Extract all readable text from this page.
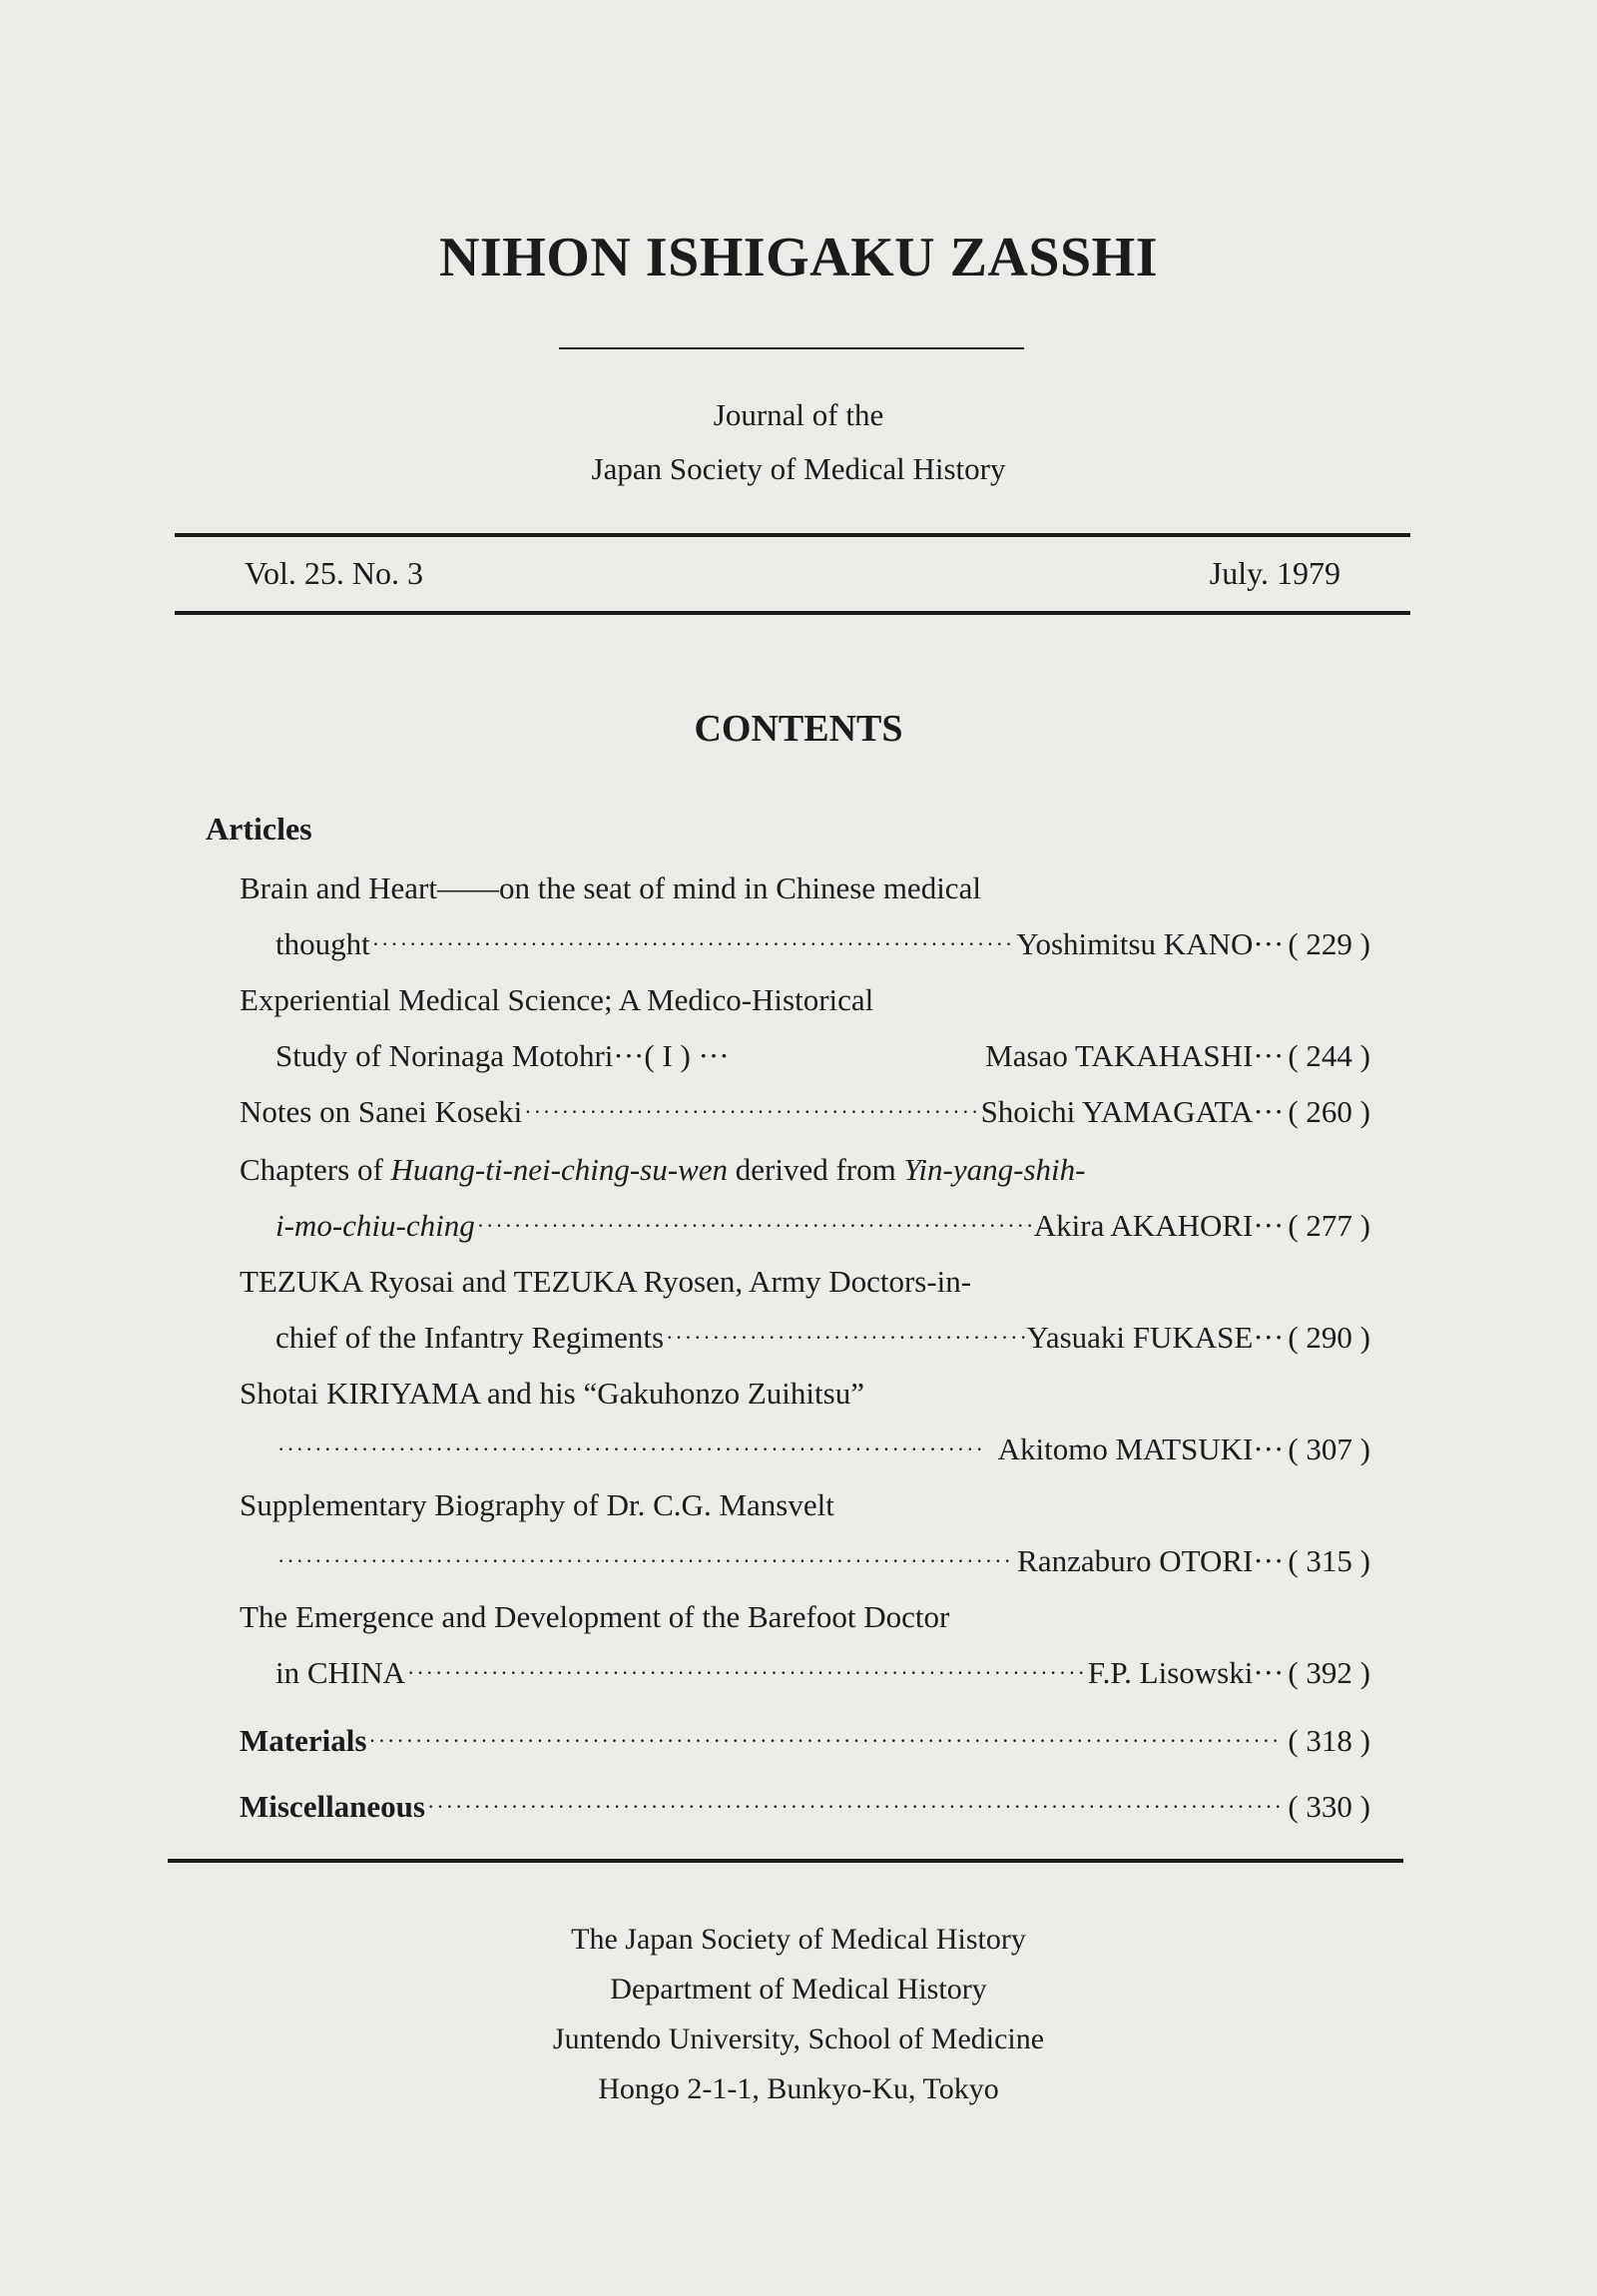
NIHON ISHIGAKU ZASSHI
Journal of the
Japan Society of Medical History
Vol. 25. No. 3	July. 1979
CONTENTS
Articles
Brain and Heart——on the seat of mind in Chinese medical
thought ·····	Yoshimitsu KANO ··· ( 229 )
Experiential Medical Science; A Medico-Historical
Study of Norinaga Motohri···( I ) ···	Masao TAKAHASHI ··· ( 244 )
Notes on Sanei Koseki ·····	Shoichi YAMAGATA ··· ( 260 )
Chapters of Huang-ti-nei-ching-su-wen derived from Yin-yang-shih-
i-mo-chiu-ching ·····	Akira AKAHORI ··· ( 277 )
TEZUKA Ryosai and TEZUKA Ryosen, Army Doctors-in-
chief of the Infantry Regiments ·····	Yasuaki FUKASE ··· ( 290 )
Shotai KIRIYAMA and his “Gakuhonzo Zuihitsu”
·····
Akitomo MATSUKI ··· ( 307 )
Supplementary Biography of Dr. C.G. Mansvelt
·····
Ranzaburo OTORI ··· ( 315 )
The Emergence and Development of the Barefoot Doctor
in CHINA ·····	F.P. Lisowski ··· ( 392 )
Materials ·····	( 318 )
Miscellaneous ·····	( 330 )
The Japan Society of Medical History
Department of Medical History
Juntendo University, School of Medicine
Hongo 2-1-1, Bunkyo-Ku, Tokyo
